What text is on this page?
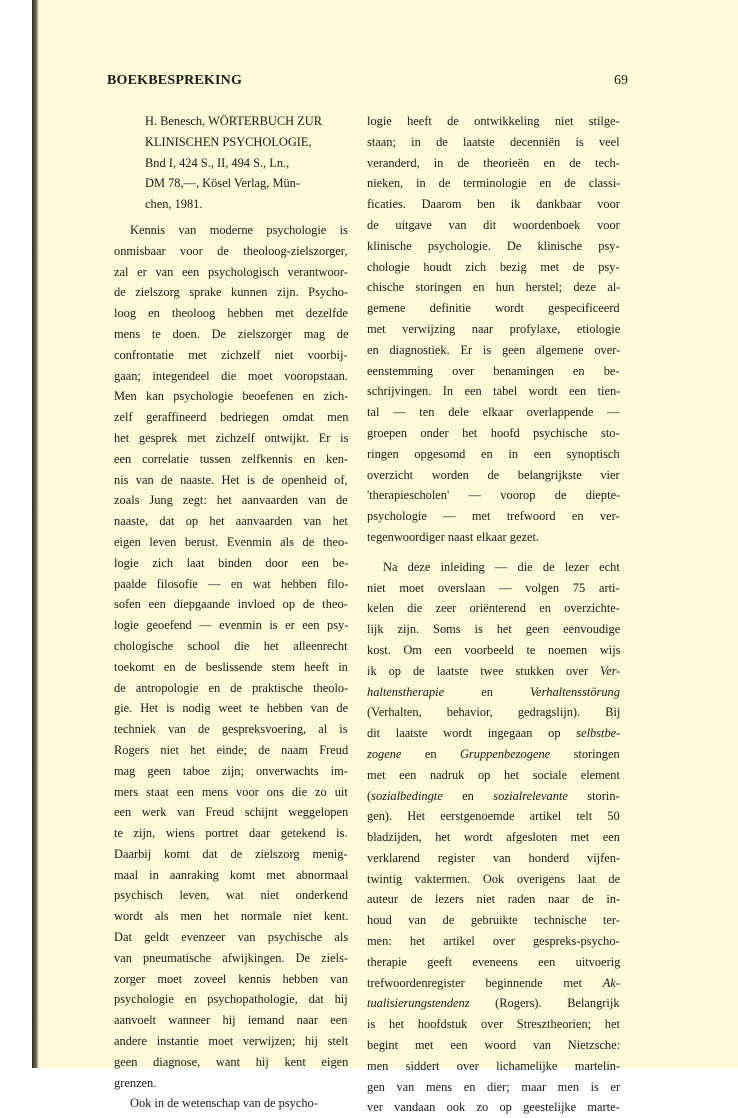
BOEKBESPREKING	69

H. Benesch, WÖRTERBUCH ZUR
KLINISCHEN PSYCHOLOGIE,
Bnd I, 424 S., II, 494 S., Ln.,
DM 78,—, Kösel Verlag, Mün-
chen, 1981.

Kennis van moderne psychologie is
onmisbaar voor de theoloog-zielszorger,
zal er van een psychologisch verantwoor-
de zielszorg sprake kunnen zijn. Psycho-
loog en theoloog hebben met dezelfde
mens te doen. De zielszorger mag de
confrontatie met zichzelf niet voorbij-
gaan; integendeel die moet vooropstaan.
Men kan psychologie beoefenen en zich-
zelf geraffineerd bedriegen omdat men
het gesprek met zichzelf ontwijkt. Er is
een correlatie tussen zelfkennis en ken-
nis van de naaste. Het is de openheid of,
zoals Jung zegt: het aanvaarden van de
naaste, dat op het aanvaarden van het
eigen leven berust. Evenmin als de theo-
logie zich laat binden door een be-
paalde filosofie — en wat hebben filo-
sofen een diepgaande invloed op de theo-
logie geoefend — evenmin is er een psy-
chologische school die het alleenrecht
toekomt en de beslissende stem heeft in
de antropologie en de praktische theolo-
gie. Het is nodig weet te hebben van de
techniek van de gespreksvoering, al is
Rogers niet het einde; de naam Freud
mag geen taboe zijn; onverwachts im-
mers staat een mens voor ons die zo uit
een werk van Freud schijnt weggelopen
te zijn, wiens portret daar getekend is.
Daarbij komt dat de zielszorg menig-
maal in aanraking komt met abnormaal
psychisch leven, wat niet onderkend
wordt als men het normale niet kent.
Dat geldt evenzeer van psychische als
van pneumatische afwijkingen. De ziels-
zorger moet zoveel kennis hebben van
psychologie en psychopathologie, dat hij
aanvoelt wanneer hij iemand naar een
andere instantie moet verwijzen; hij stelt
geen diagnose, want hij kent eigen
grenzen.

Ook in de wetenschap van de psycho-

logie heeft de ontwikkeling niet stilge-
staan; in de laatste decenniën is veel
veranderd, in de theorieën en de tech-
nieken, in de terminologie en de classi-
ficaties. Daarom ben ik dankbaar voor
de uitgave van dit woordenboek voor
klinische psychologie. De klinische psy-
chologie houdt zich bezig met de psy-
chische storingen en hun herstel; deze al-
gemene definitie wordt gespecificeerd
met verwijzing naar profylaxe, etiologie
en diagnostiek. Er is geen algemene over-
eenstemming over benamingen en be-
schrijvingen. In een tabel wordt een tien-
tal — ten dele elkaar overlappende —
groepen onder het hoofd psychische sto-
ringen opgesomd en in een synoptisch
overzicht worden de belangrijkste vier
'therapiescholen' — voorop de diepte-
psychologie — met trefwoord en ver-
tegenwoordiger naast elkaar gezet.
Na deze inleiding — die de lezer echt
niet moet overslaan — volgen 75 arti-
kelen die zeer oriënterend en overzichte-
lijk zijn. Soms is het geen eenvoudige
kost. Om een voorbeeld te noemen wijs
ik op de laatste twee stukken over Ver-
haltenstherapie en Verhaltensstörung
(Verhalten, behavior, gedragslijn). Bij
dit laatste wordt ingegaan op selbstbe-
zogene en Gruppenbezogene storingen
met een nadruk op het sociale element
(sozialbedingte en sozialrelevante storin-
gen). Het eerstgenoemde artikel telt 50
bladzijden, het wordt afgesloten met een
verklarend register van honderd vijfen-
twintig vaktermen. Ook overigens laat de
auteur de lezers niet raden naar de in-
houd van de gebruikte technische ter-
men: het artikel over gespreks-psycho-
therapie geeft eveneens een uitvoerig
trefwoordenregister beginnende met Ak-
tualisierungstendenz (Rogers). Belangrijk
is het hoofdstuk over Stresztheorien; het
begint met een woord van Nietzsche:
men siddert over lichamelijke martelin-
gen van mens en dier; maar men is er
ver vandaan ook zo op geestelijke marte-
